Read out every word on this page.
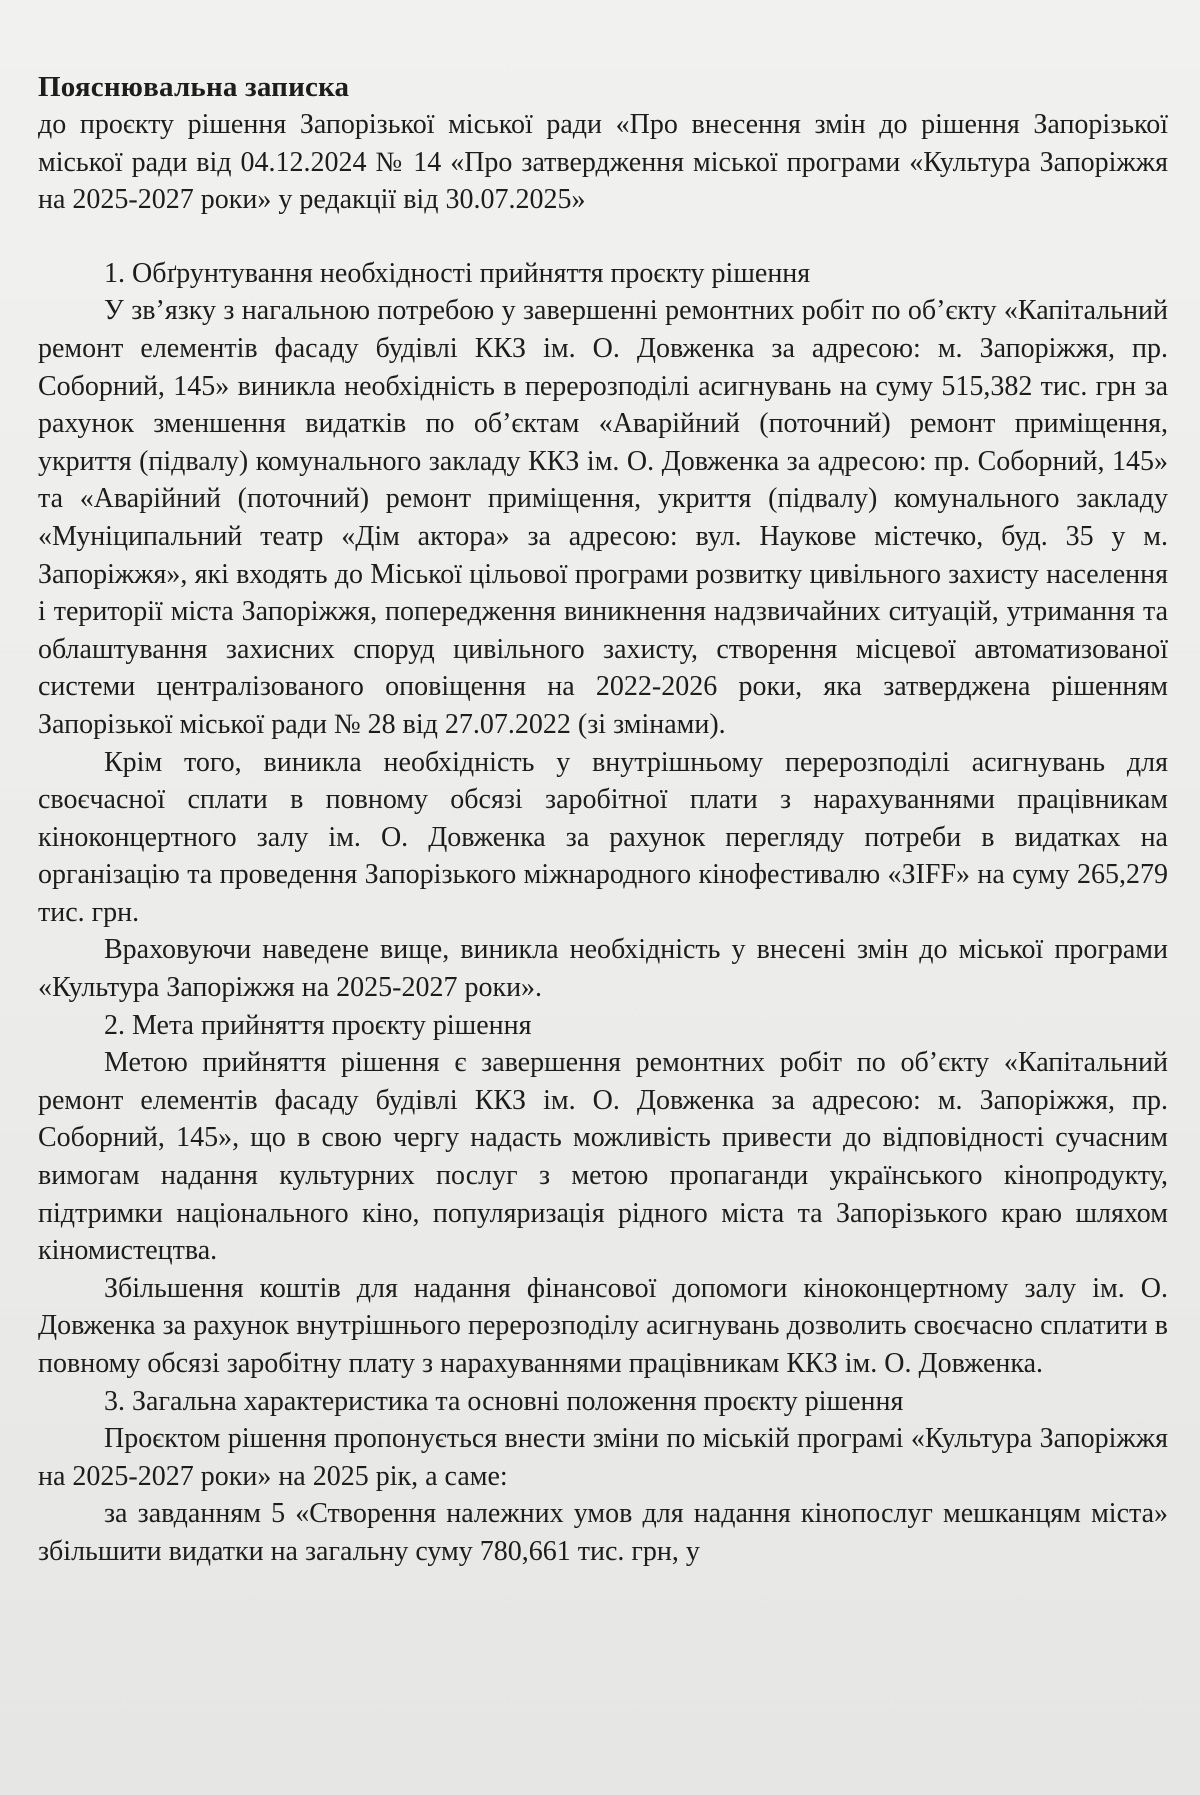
Пояснювальна записка

до проєкту рішення Запорізької міської ради «Про внесення змін до рішення Запорізької міської ради від 04.12.2024 № 14 «Про затвердження міської програми «Культура Запоріжжя на 2025-2027 роки» у редакції від 30.07.2025»

1. Обґрунтування необхідності прийняття проєкту рішення

У зв’язку з нагальною потребою у завершенні ремонтних робіт по об’єкту «Капітальний ремонт елементів фасаду будівлі ККЗ ім. О. Довженка за адресою: м. Запоріжжя, пр. Соборний, 145» виникла необхідність в перерозподілі асигнувань на суму 515,382 тис. грн за рахунок зменшення видатків по об’єктам «Аварійний (поточний) ремонт приміщення, укриття (підвалу) комунального закладу ККЗ ім. О. Довженка за адресою: пр. Соборний, 145» та «Аварійний (поточний) ремонт приміщення, укриття (підвалу) комунального закладу «Муніципальний театр «Дім актора» за адресою: вул. Наукове містечко, буд. 35 у м. Запоріжжя», які входять до Міської цільової програми розвитку цивільного захисту населення і території міста Запоріжжя, попередження виникнення надзвичайних ситуацій, утримання та облаштування захисних споруд цивільного захисту, створення місцевої автоматизованої системи централізованого оповіщення на 2022-2026 роки, яка затверджена рішенням Запорізької міської ради № 28 від 27.07.2022 (зі змінами).

Крім того, виникла необхідність у внутрішньому перерозподілі асигнувань для своєчасної сплати в повному обсязі заробітної плати з нарахуваннями працівникам кіноконцертного залу ім. О. Довженка за рахунок перегляду потреби в видатках на організацію та проведення Запорізького міжнародного кінофестивалю «ЗIFF» на суму 265,279 тис. грн.

Враховуючи наведене вище, виникла необхідність у внесені змін до міської програми «Культура Запоріжжя на 2025-2027 роки».

2. Мета прийняття проєкту рішення

Метою прийняття рішення є завершення ремонтних робіт по об’єкту «Капітальний ремонт елементів фасаду будівлі ККЗ ім. О. Довженка за адресою: м. Запоріжжя, пр. Соборний, 145», що в свою чергу надасть можливість привести до відповідності сучасним вимогам надання культурних послуг з метою пропаганди українського кінопродукту, підтримки національного кіно, популяризація рідного міста та Запорізького краю шляхом кіномистецтва.

Збільшення коштів для надання фінансової допомоги кіноконцертному залу ім. О. Довженка за рахунок внутрішнього перерозподілу асигнувань дозволить своєчасно сплатити в повному обсязі заробітну плату з нарахуваннями працівникам ККЗ ім. О. Довженка.

3. Загальна характеристика та основні положення проєкту рішення

Проєктом рішення пропонується внести зміни по міській програмі «Культура Запоріжжя на 2025-2027 роки» на 2025 рік, а саме:

за завданням 5 «Створення належних умов для надання кінопослуг мешканцям міста» збільшити видатки на загальну суму 780,661 тис. грн, у
